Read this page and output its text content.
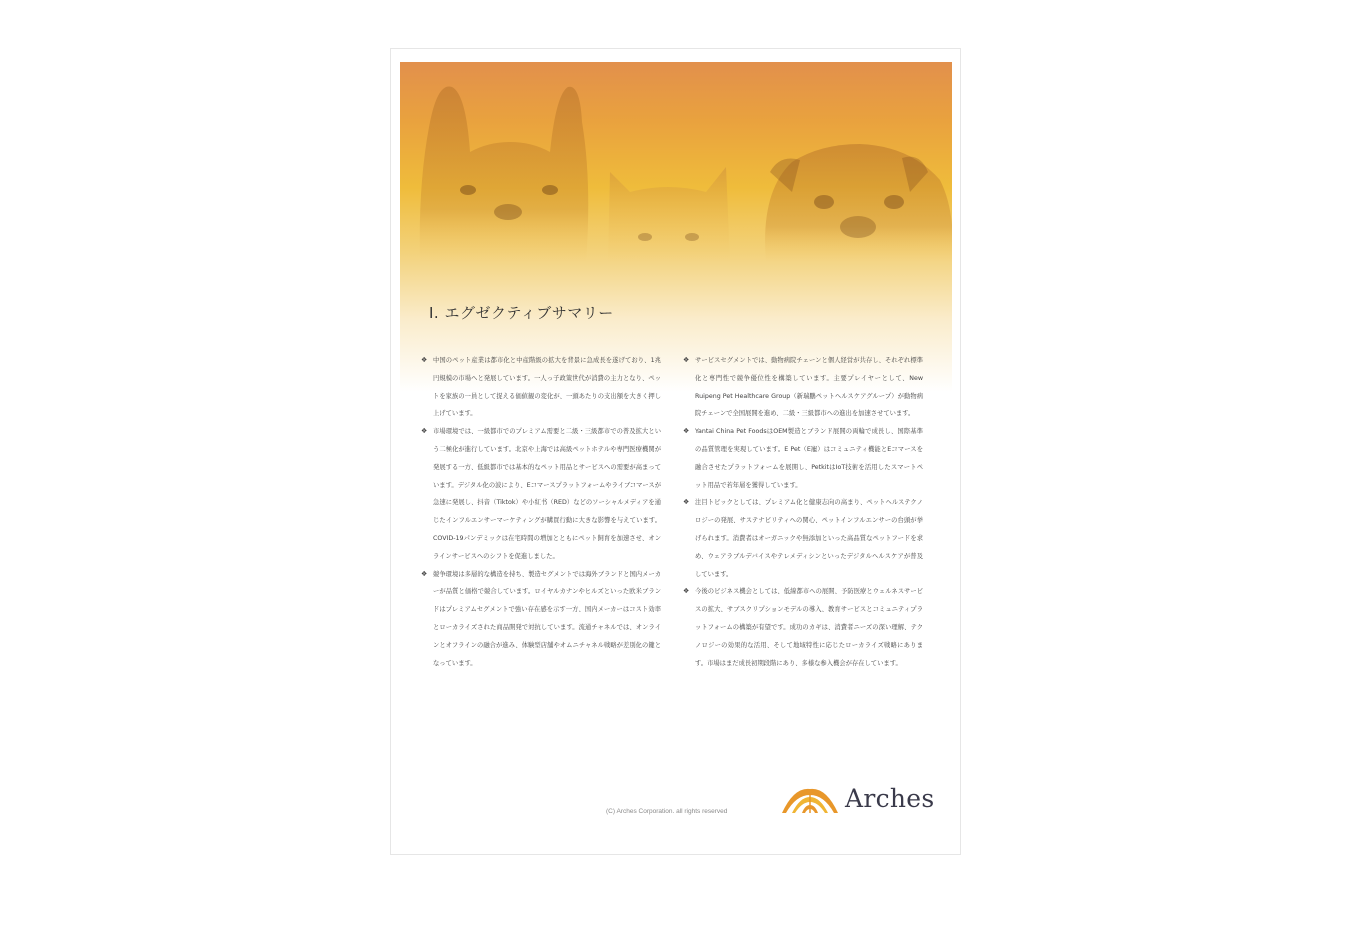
I. エグゼクティブサマリー
❖ 中国のペット産業は都市化と中産階級の拡大を背景に急成長を遂げており、1兆円規模の市場へと発展しています。一人っ子政策世代が消費の主力となり、ペットを家族の一員として捉える価値観の変化が、一頭あたりの支出額を大きく押し上げています。
❖ 市場環境では、一級都市でのプレミアム需要と二級・三級都市での普及拡大という二極化が進行しています。北京や上海では高級ペットホテルや専門医療機関が発展する一方、低級都市では基本的なペット用品とサービスへの需要が高まっています。デジタル化の波により、Eコマースプラットフォームやライブコマースが急速に発展し、抖音（Tiktok）や小紅书（RED）などのソーシャルメディアを通じたインフルエンサーマーケティングが購買行動に大きな影響を与えています。COVID-19パンデミックは在宅時間の増加とともにペット飼育を加速させ、オンラインサービスへのシフトを促進しました。
❖ 競争環境は多層的な構造を持ち、製造セグメントでは海外ブランドと国内メーカーが品質と価格で競合しています。ロイヤルカナンやヒルズといった欧米ブランドはプレミアムセグメントで強い存在感を示す一方、国内メーカーはコスト効率とローカライズされた商品開発で対抗しています。流通チャネルでは、オンラインとオフラインの融合が進み、体験型店舗やオムニチャネル戦略が差別化の鍵となっています。
❖ サービスセグメントでは、動物病院チェーンと個人経営が共存し、それぞれ標準化と専門性で競争優位性を構築しています。主要プレイヤーとして、New Ruipeng Pet Healthcare Group（新瑞鵬ペットヘルスケアグループ）が動物病院チェーンで全国展開を進め、二級・三級都市への進出を加速させています。
❖ Yantai China Pet FoodsはOEM製造とブランド展開の両輪で成長し、国際基準の品質管理を実現しています。E Pet（E寵）はコミュニティ機能とEコマースを融合させたプラットフォームを展開し、PetkitはIoT技術を活用したスマートペット用品で若年層を獲得しています。
❖ 注目トピックとしては、プレミアム化と健康志向の高まり、ペットヘルステクノロジーの発展、サステナビリティへの関心、ペットインフルエンサーの台頭が挙げられます。消費者はオーガニックや無添加といった高品質なペットフードを求め、ウェアラブルデバイスやテレメディシンといったデジタルヘルスケアが普及しています。
❖ 今後のビジネス機会としては、低線都市への展開、予防医療とウェルネスサービスの拡大、サブスクリプションモデルの導入、教育サービスとコミュニティプラットフォームの構築が有望です。成功のカギは、消費者ニーズの深い理解、テクノロジーの効果的な活用、そして地域特性に応じたローカライズ戦略にあります。市場はまだ成長初期段階にあり、多様な参入機会が存在しています。
(C) Arches Corporation. all rights reserved	Arches
